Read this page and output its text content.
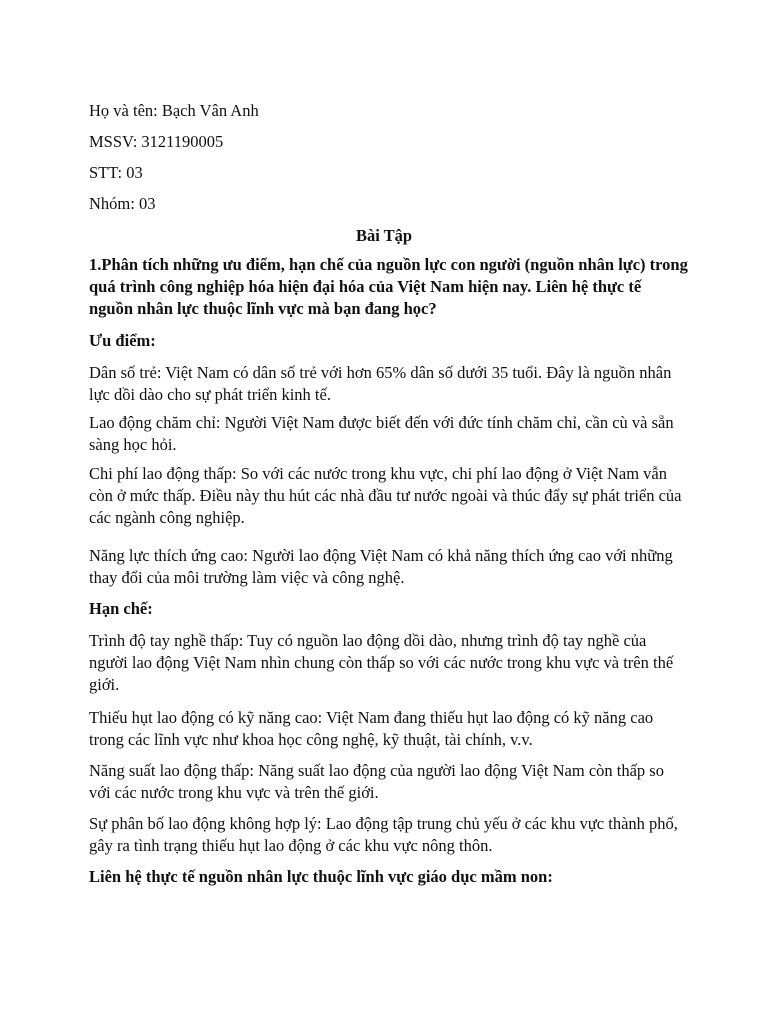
Họ và tên: Bạch Vân Anh
MSSV: 3121190005
STT: 03
Nhóm: 03
Bài Tập

1.Phân tích những ưu điểm, hạn chế của nguồn lực con người (nguồn nhân lực) trong quá trình công nghiệp hóa hiện đại hóa của Việt Nam hiện nay. Liên hệ thực tế nguồn nhân lực thuộc lĩnh vực mà bạn đang học?

Ưu điểm:

Dân số trẻ: Việt Nam có dân số trẻ với hơn 65% dân số dưới 35 tuổi. Đây là nguồn nhân lực dồi dào cho sự phát triển kinh tế.

Lao động chăm chỉ: Người Việt Nam được biết đến với đức tính chăm chỉ, cần cù và sẵn sàng học hỏi.

Chi phí lao động thấp: So với các nước trong khu vực, chi phí lao động ở Việt Nam vẫn còn ở mức thấp. Điều này thu hút các nhà đầu tư nước ngoài và thúc đẩy sự phát triển của các ngành công nghiệp.

Năng lực thích ứng cao: Người lao động Việt Nam có khả năng thích ứng cao với những thay đổi của môi trường làm việc và công nghệ.

Hạn chế:

Trình độ tay nghề thấp: Tuy có nguồn lao động dồi dào, nhưng trình độ tay nghề của người lao động Việt Nam nhìn chung còn thấp so với các nước trong khu vực và trên thế giới.

Thiếu hụt lao động có kỹ năng cao: Việt Nam đang thiếu hụt lao động có kỹ năng cao trong các lĩnh vực như khoa học công nghệ, kỹ thuật, tài chính, v.v.

Năng suất lao động thấp: Năng suất lao động của người lao động Việt Nam còn thấp so với các nước trong khu vực và trên thế giới.

Sự phân bố lao động không hợp lý: Lao động tập trung chủ yếu ở các khu vực thành phố, gây ra tình trạng thiếu hụt lao động ở các khu vực nông thôn.

Liên hệ thực tế nguồn nhân lực thuộc lĩnh vực giáo dục mầm non:
